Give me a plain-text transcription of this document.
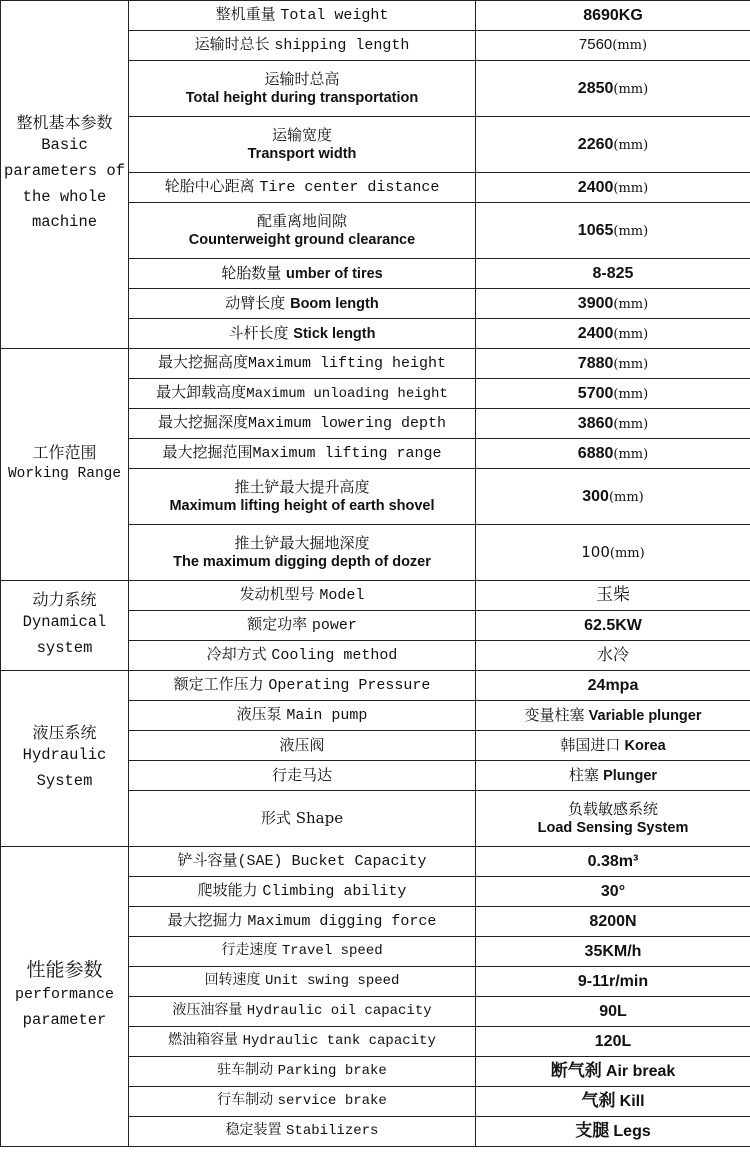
整机基本参数
Basic
parameters of
the whole
machine	整机重量 Total weight	8690KG
	运输时总长 shipping length	7560(mm)

	运输时总高
Total height during transportation	2850(mm)

	运输宽度
Transport width	2260(mm)
	轮胎中心距离 Tire center distance	2400(mm)

	配重离地间隙
Counterweight ground clearance	1065(mm)
	轮胎数量 umber of tires	8-825
	动臂长度 Boom length	3900(mm)
	斗杆长度 Stick length	2400(mm)

工作范围
Working Range	最大挖掘高度Maximum lifting height	7880(mm)
	最大卸载高度Maximum unloading height	5700(mm)
	最大挖掘深度Maximum lowering depth	3860(mm)
	最大挖掘范围Maximum lifting range	6880(mm)

	推土铲最大提升高度
Maximum lifting height of earth shovel	300(mm)

	推土铲最大掘地深度
The maximum digging depth of dozer	100(mm)

动力系统
Dynamical
system	发动机型号 Model	玉柴
	额定功率 power	62.5KW
	冷却方式 Cooling method	水冷

液压系统
Hydraulic
System	额定工作压力 Operating Pressure	24mpa
	液压泵 Main pump	变量柱塞 Variable plunger
	液压阀	韩国进口 Korea
	行走马达	柱塞 Plunger
	形式 Shape	负载敏感系统
Load Sensing System

性能参数
performance
parameter	铲斗容量(SAE) Bucket Capacity	0.38m³
	爬坡能力 Climbing ability	30°
	最大挖掘力 Maximum digging force	8200N
	行走速度 Travel speed	35KM/h
	回转速度 Unit swing speed	9-11r/min
	液压油容量 Hydraulic oil capacity	90L
	燃油箱容量 Hydraulic tank capacity	120L
	驻车制动 Parking brake	断气刹 Air break
	行车制动 service brake	气刹 Kill
	稳定装置 Stabilizers	支腿 Legs
